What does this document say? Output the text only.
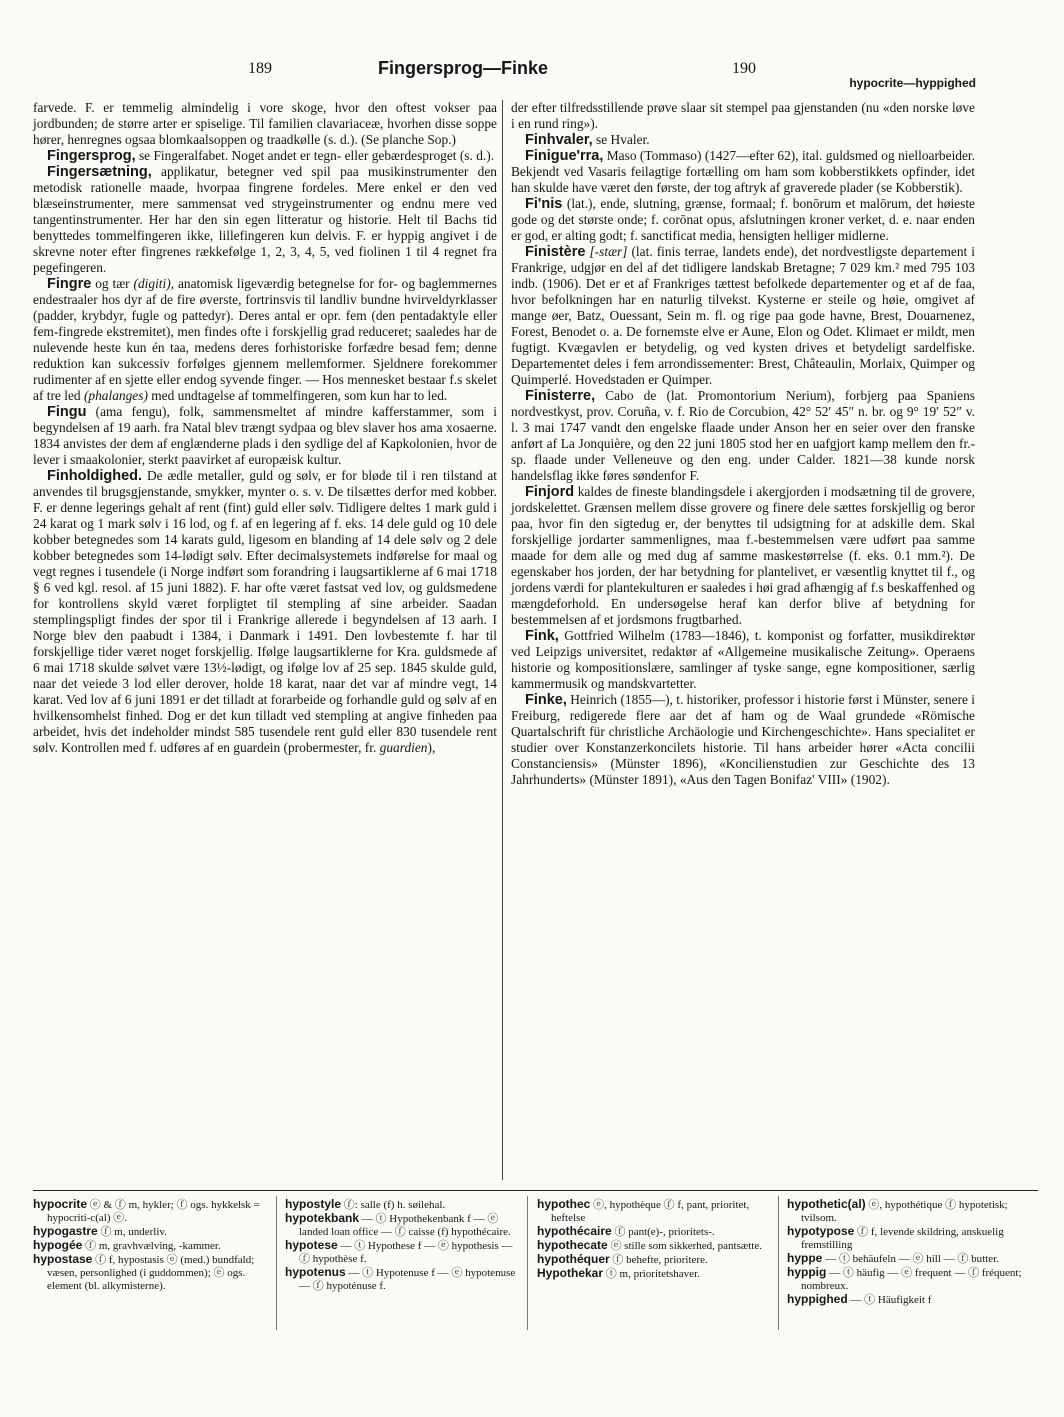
189	Fingersprog—Finke	190
hypocrite—hyppighed

farvede. F. er temmelig almindelig i vore skoge, hvor den oftest vokser paa jordbunden; de større arter er spiselige. Til familien clavariaceæ, hvorhen disse soppe hører, henregnes ogsaa blomkaalsoppen og traadkølle (s. d.). (Se planche Sop.)

Fingersprog, se Fingeralfabet. Noget andet er tegn- eller gebærdesproget (s. d.).

Fingersætning, applikatur, betegner ved spil paa musikinstrumenter den metodisk rationelle maade, hvorpaa fingrene fordeles. Mere enkel er den ved blæseinstrumenter, mere sammensat ved strygeinstrumenter og endnu mere ved tangentinstrumenter. Her har den sin egen litteratur og historie. Helt til Bachs tid benyttedes tommelfingeren ikke, lillefingeren kun delvis. F. er hyppig angivet i de skrevne noter efter fingrenes rækkefølge 1, 2, 3, 4, 5, ved fiolinen 1 til 4 regnet fra pegefingeren.

Fingre og tær (digiti), anatomisk ligeværdig betegnelse for for- og baglemmernes endestraaler hos dyr af de fire øverste, fortrinsvis til landliv bundne hvirveldyrklasser (padder, krybdyr, fugle og pattedyr). Deres antal er opr. fem (den pentadaktyle eller fem-fingrede ekstremitet), men findes ofte i forskjellig grad reduceret; saaledes har de nulevende heste kun én taa, medens deres forhistoriske forfædre besad fem; denne reduktion kan sukcessiv forfølges gjennem mellemformer. Sjeldnere forekommer rudimenter af en sjette eller endog syvende finger. — Hos mennesket bestaar f.s skelet af tre led (phalanges) med undtagelse af tommelfingeren, som kun har to led.

Fingu (ama fengu), folk, sammensmeltet af mindre kafferstammer, som i begyndelsen af 19 aarh. fra Natal blev trængt sydpaa og blev slaver hos ama xosaerne. 1834 anvistes der dem af englænderne plads i den sydlige del af Kapkolonien, hvor de lever i smaakolonier, sterkt paavirket af europæisk kultur.

Finholdighed. De ædle metaller, guld og sølv, er for bløde til i ren tilstand at anvendes til brugsgjenstande, smykker, mynter o. s. v. De tilsættes derfor med kobber. F. er denne legerings gehalt af rent (fint) guld eller sølv. Tidligere deltes 1 mark guld i 24 karat og 1 mark sølv i 16 lod, og f. af en legering af f. eks. 14 dele guld og 10 dele kobber betegnedes som 14 karats guld, ligesom en blanding af 14 dele sølv og 2 dele kobber betegnedes som 14-lødigt sølv. Efter decimalsystemets indførelse for maal og vegt regnes i tusendele (i Norge indført som forandring i laugsartiklerne af 6 mai 1718 § 6 ved kgl. resol. af 15 juni 1882). F. har ofte været fastsat ved lov, og guldsmedene for kontrollens skyld været forpligtet til stempling af sine arbeider. Saadan stemplingspligt findes der spor til i Frankrige allerede i begyndelsen af 13 aarh. I Norge blev den paabudt i 1384, i Danmark i 1491. Den lovbestemte f. har til forskjellige tider været noget forskjellig. Ifølge laugsartiklerne for Kra. guldsmede af 6 mai 1718 skulde sølvet være 13½-lødigt, og ifølge lov af 25 sep. 1845 skulde guld, naar det veiede 3 lod eller derover, holde 18 karat, naar det var af mindre vegt, 14 karat. Ved lov af 6 juni 1891 er det tilladt at forarbeide og forhandle guld og sølv af en hvilkensomhelst finhed. Dog er det kun tilladt ved stempling at angive finheden paa arbeidet, hvis det indeholder mindst 585 tusendele rent guld eller 830 tusendele rent sølv. Kontrollen med f. udføres af en guardein (probermester, fr. guardien),

der efter tilfredsstillende prøve slaar sit stempel paa gjenstanden (nu «den norske løve i en rund ring»).

Finhvaler, se Hvaler.

Finigue'rra, Maso (Tommaso) (1427—efter 62), ital. guldsmed og nielloarbeider. Bekjendt ved Vasaris feilagtige fortælling om ham som kobberstikkets opfinder, idet han skulde have været den første, der tog aftryk af graverede plader (se Kobberstik).

Fi'nis (lat.), ende, slutning, grænse, formaal; f. bonōrum et malōrum, det høieste gode og det største onde; f. corōnat opus, afslutningen kroner verket, d. e. naar enden er god, er alting godt; f. sanctificat media, hensigten helliger midlerne.

Finistère [-stær] (lat. finis terrae, landets ende), det nordvestligste departement i Frankrige, udgjør en del af det tidligere landskab Bretagne; 7 029 km.² med 795 103 indb. (1906). Det er et af Frankriges tættest befolkede departementer og et af de faa, hvor befolkningen har en naturlig tilvekst. Kysterne er steile og høie, omgivet af mange øer, Batz, Ouessant, Sein m. fl. og rige paa gode havne, Brest, Douarnenez, Forest, Benodet o. a. De fornemste elve er Aune, Elon og Odet. Klimaet er mildt, men fugtigt. Kvægavlen er betydelig, og ved kysten drives et betydeligt sardelfiske. Departementet deles i fem arrondissementer: Brest, Châteaulin, Morlaix, Quimper og Quimperlé. Hovedstaden er Quimper.

Finisterre, Cabo de (lat. Promontorium Nerium), forbjerg paa Spaniens nordvestkyst, prov. Coruña, v. f. Rio de Corcubion, 42° 52′ 45″ n. br. og 9° 19′ 52″ v. l. 3 mai 1747 vandt den engelske flaade under Anson her en seier over den franske anført af La Jonquière, og den 22 juni 1805 stod her en uafgjort kamp mellem den fr.-sp. flaade under Velleneuve og den eng. under Calder. 1821—38 kunde norsk handelsflag ikke føres søndenfor F.

Finjord kaldes de fineste blandingsdele i akergjorden i modsætning til de grovere, jordskelettet. Grænsen mellem disse grovere og finere dele sættes forskjellig og beror paa, hvor fin den sigtedug er, der benyttes til udsigtning for at adskille dem. Skal forskjellige jordarter sammenlignes, maa f.-bestemmelsen være udført paa samme maade for dem alle og med dug af samme maskestørrelse (f. eks. 0.1 mm.²). De egenskaber hos jorden, der har betydning for plantelivet, er væsentlig knyttet til f., og jordens værdi for plantekulturen er saaledes i høi grad afhængig af f.s beskaffenhed og mængdeforhold. En undersøgelse heraf kan derfor blive af betydning for bestemmelsen af et jordsmons frugtbarhed.

Fink, Gottfried Wilhelm (1783—1846), t. komponist og forfatter, musikdirektør ved Leipzigs universitet, redaktør af «Allgemeine musikalische Zeitung». Operaens historie og kompositionslære, samlinger af tyske sange, egne kompositioner, særlig kammermusik og mandskvartetter.

Finke, Heinrich (1855—), t. historiker, professor i historie først i Münster, senere i Freiburg, redigerede flere aar det af ham og de Waal grundede «Römische Quartalschrift für christliche Archäologie und Kirchengeschichte». Hans specialitet er studier over Konstanzerkoncilets historie. Til hans arbeider hører «Acta concilii Constanciensis» (Münster 1896), «Koncilienstudien zur Geschichte des 13 Jahrhunderts» (Münster 1891), «Aus den Tagen Bonifaz' VIII» (1902).

hypocrite ⓔ & ⓕ m, hykler; ⓕ ogs. hykkelsk = hypocriti-c(al) ⓔ.

hypogastre ⓕ m, underliv.

hypogée ⓕ m, gravhvælving, -kammer.

hypostase ⓕ f, hypostasis ⓔ (med.) bundfald; væsen, personlighed (i guddommen); ⓔ ogs. element (bl. alkymisterne).

hypostyle ⓕ: salle (f) h. søilehal.

hypotekbank — ⓣ Hypothekenbank f — ⓔ landed loan office — ⓕ caisse (f) hypothécaire.

hypotese — ⓣ Hypothese f — ⓔ hypothesis — ⓕ hypothèse f.

hypotenus — ⓣ Hypotenuse f — ⓔ hypotenuse — ⓕ hypoténuse f.

hypothec ⓔ, hypothèque ⓕ f, pant, prioritet, heftelse

hypothécaire ⓕ pant(e)-, prioritets-.

hypothecate ⓔ stille som sikkerhed, pantsætte.

hypothéquer ⓕ beheftе, prioritere.

Hypothekar ⓣ m, prioritetshaver.

hypothetic(al) ⓔ, hypothétique ⓕ hypotetisk; tvilsom.

hypotypose ⓕ f, levende skildring, anskuelig fremstilling

hyppe — ⓣ behäufeln — ⓔ hill — ⓕ butter.

hyppig — ⓣ häufig — ⓔ frequent — ⓕ fréquent; nombreux.

hyppighed — ⓣ Häufigkeit f
